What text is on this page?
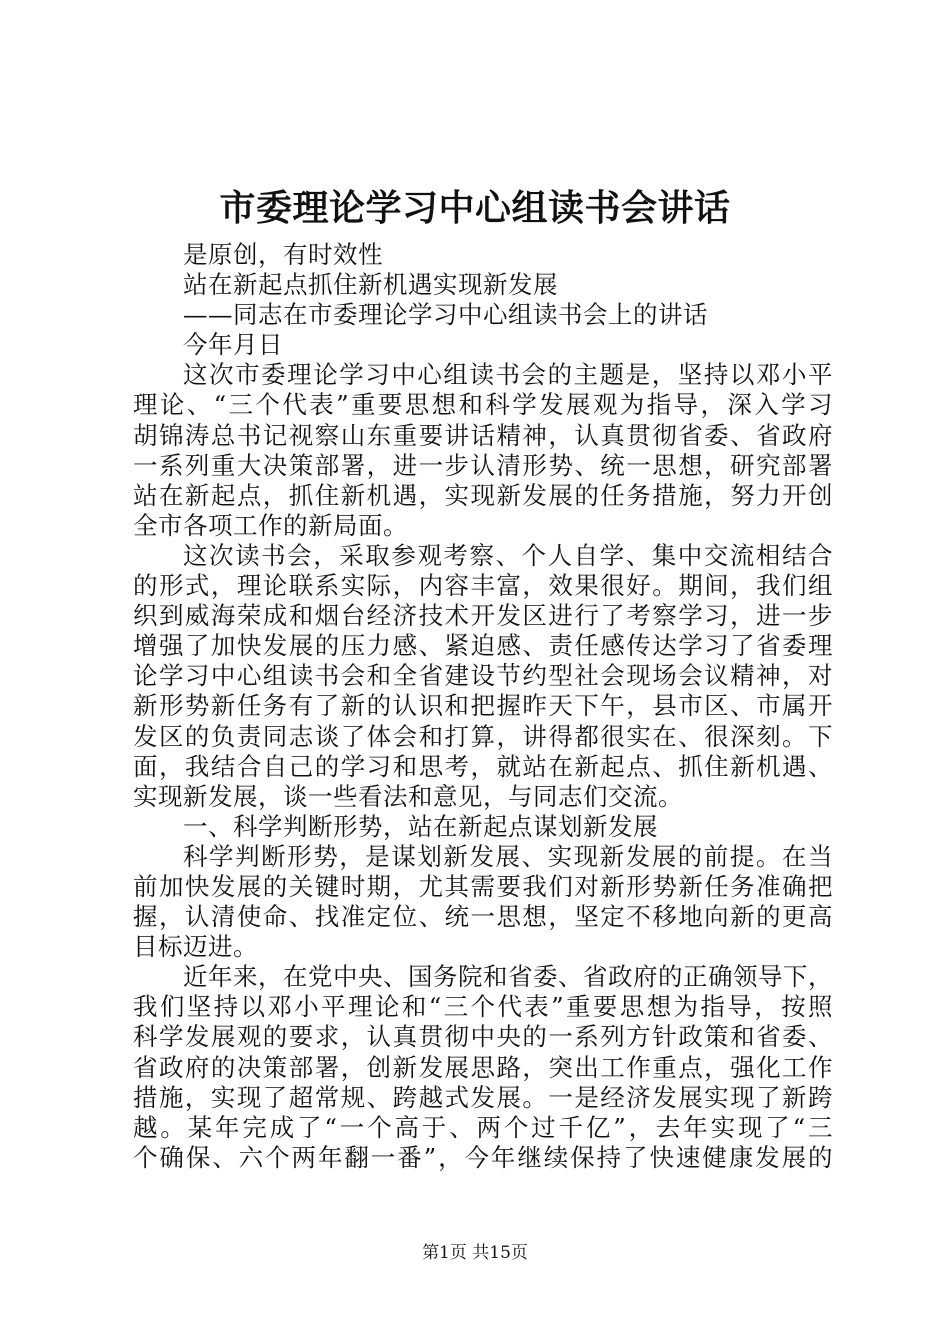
市委理论学习中心组读书会讲话

是原创，有时效性

站在新起点抓住新机遇实现新发展

——同志在市委理论学习中心组读书会上的讲话

今年月日

这次市委理论学习中心组读书会的主题是，坚持以邓小平

理论、“三个代表”重要思想和科学发展观为指导，深入学习

胡锦涛总书记视察山东重要讲话精神，认真贯彻省委、省政府

一系列重大决策部署，进一步认清形势、统一思想，研究部署

站在新起点，抓住新机遇，实现新发展的任务措施，努力开创

全市各项工作的新局面。

这次读书会，采取参观考察、个人自学、集中交流相结合

的形式，理论联系实际，内容丰富，效果很好。期间，我们组

织到威海荣成和烟台经济技术开发区进行了考察学习，进一步

增强了加快发展的压力感、紧迫感、责任感传达学习了省委理

论学习中心组读书会和全省建设节约型社会现场会议精神，对

新形势新任务有了新的认识和把握昨天下午，县市区、市属开

发区的负责同志谈了体会和打算，讲得都很实在、很深刻。下

面，我结合自己的学习和思考，就站在新起点、抓住新机遇、

实现新发展，谈一些看法和意见，与同志们交流。

一、科学判断形势，站在新起点谋划新发展

科学判断形势，是谋划新发展、实现新发展的前提。在当

前加快发展的关键时期，尤其需要我们对新形势新任务准确把

握，认清使命、找准定位、统一思想，坚定不移地向新的更高

目标迈进。

近年来，在党中央、国务院和省委、省政府的正确领导下，

我们坚持以邓小平理论和“三个代表”重要思想为指导，按照

科学发展观的要求，认真贯彻中央的一系列方针政策和省委、

省政府的决策部署，创新发展思路，突出工作重点，强化工作

措施，实现了超常规、跨越式发展。一是经济发展实现了新跨

越。某年完成了“一个高于、两个过千亿”，去年实现了“三

个确保、六个两年翻一番”，今年继续保持了快速健康发展的

第1页 共15页
